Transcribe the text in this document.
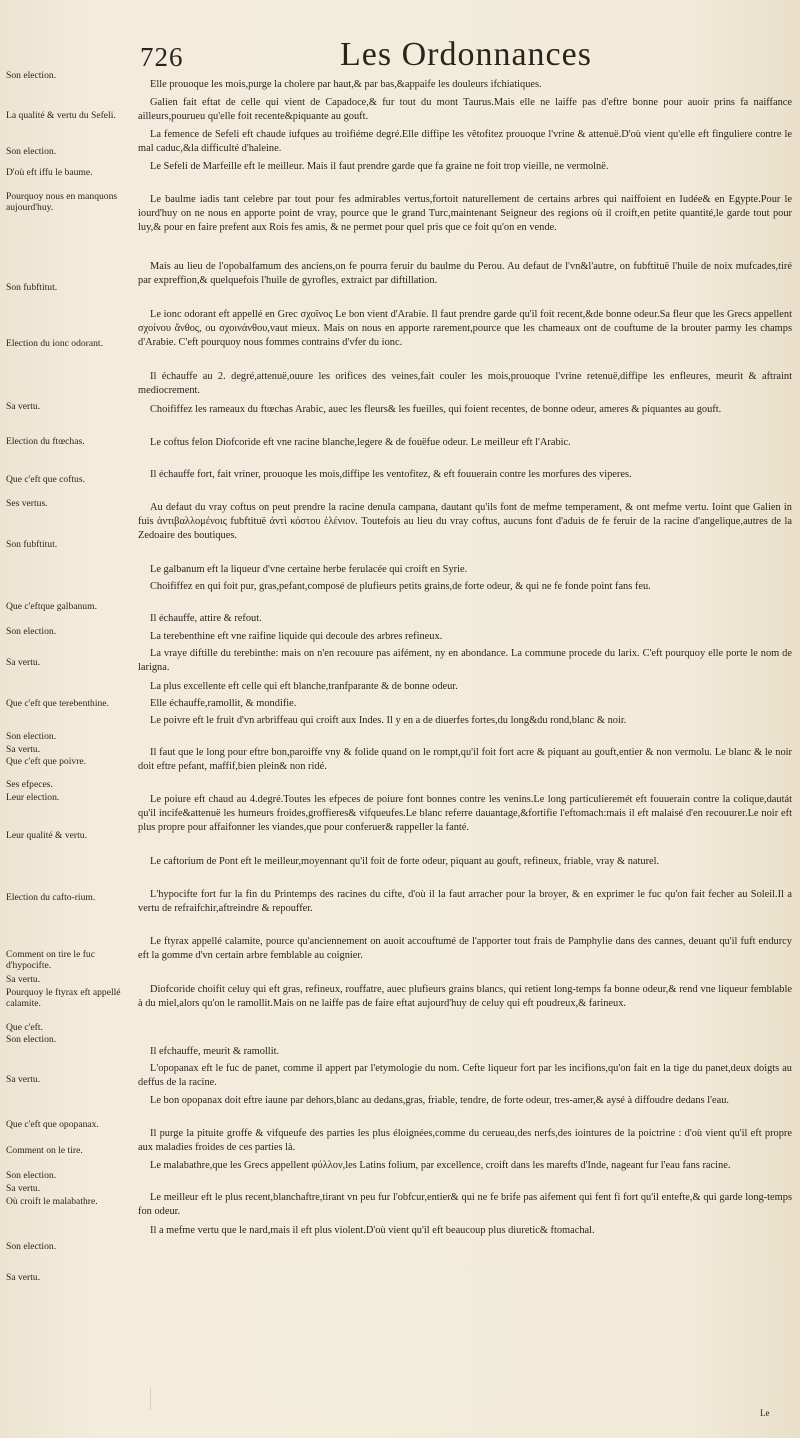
726	Les Ordonnances
Son election.
La qualité & vertu du Sefeli.
Son election.
D'où eft iffu le baume.
Pourquoy nous en manquons aujourd'huy.
Son fubftitut.
Election du ionc odorant.
Sa vertu.
Election du ftœchas.
Que c'eft que coftus.
Ses vertus.
Son fubftitut.
Que c'eftque galbanum.
Son election.
Sa vertu.
Que c'eft que terebenthine.
Son election.
Sa vertu.
Que c'eft que poivre.
Ses efpeces.
Leur election.
Leur qualité & vertu.
Election du cafto-rium.
Comment on tire le fuc d'hypocifte.
Sa vertu.
Pourquoy le ftyrax eft appellé calamite.
Que c'eft.
Son election.
Sa vertu.
Que c'eft que opopanax.
Comment on le tire.
Son election.
Sa vertu.
Où croift le malabathre.
Son election.
Sa vertu.

Elle prouoque les mois,purge la cholere par haut,& par bas,&appaife les douleurs ifchiatiques.

Galien fait eftat de celle qui vient de Capadoce,& fur tout du mont Taurus.Mais elle ne laiffe pas d'eftre bonne pour auoir prins fa naiffance ailleurs,pourueu qu'elle foit recente&piquante au gouft.

La femence de Sefeli eft chaude iufques au troifiéme degré.Elle diffipe les vêtofitez prouoque l'vrine & attenuë.D'où vient qu'elle eft finguliere contre le mal caduc,&la difficulté d'haleine.

Le Sefeli de Marfeille eft le meilleur. Mais il faut prendre garde que fa graine ne foit trop vieille, ne vermolnë.

Le baulme iadis tant celebre par tout pour fes admirables vertus,fortoit naturellement de certains arbres qui naiffoient en Iudée& en Egypte.Pour le iourd'huy on ne nous en apporte point de vray, pource que le grand Turc,maintenant Seigneur des regions où il croift,en petite quantité,le garde tout pour luy,& pour en faire prefent aux Rois fes amis, & ne permet pour quel pris que ce foit qu'on en vende.

Mais au lieu de l'opobalfamum des anciens,on fe pourra feruir du baulme du Perou. Au defaut de l'vn&l'autre, on fubftituë l'huile de noix mufcades,tiré par expreffion,& quelquefois l'huile de gyrofles, extraict par diftillation.

Le ionc odorant eft appellé en Grec σχοῖνος Le bon vient d'Arabie. Il faut prendre garde qu'il foit recent,&de bonne odeur.Sa fleur que les Grecs appellent σχοίνου ἄνθος, ou σχοινάνθου,vaut mieux. Mais on nous en apporte rarement,pource que les chameaux ont de couftume de la brouter parmy les champs d'Arabie. C'eft pourquoy nous fommes contrains d'vfer du ionc.

Il échauffe au 2. degré,attenuë,ouure les orifices des veines,fait couler les mois,prouoque l'vrine retenuë,diffipe les enfleures, meurit & aftraint mediocrement.

Choififfez les rameaux du ftœchas Arabic, auec les fleurs& les fueilles, qui foient recentes, de bonne odeur, ameres & piquantes au gouft.

Le coftus felon Diofcoride eft vne racine blanche,legere & de fouëfue odeur. Le meilleur eft l'Arabic.

Il échauffe fort, fait vriner, prouoque les mois,diffipe les ventofitez, & eft fouuerain contre les morfures des viperes.

Au defaut du vray coftus on peut prendre la racine denula campana, dautant qu'ils font de mefme temperament, & ont mefme vertu. Ioint que Galien in fuis ἀντιβαλλομένοις fubftituë ἀντὶ κόστου ἑλένιον. Toutefois au lieu du vray coftus, aucuns font d'aduis de fe feruir de la racine d'angelique,autres de la Zedoaire des boutiques.

Le galbanum eft la liqueur d'vne certaine herbe ferulacée qui croift en Syrie.

Choififfez en qui foit pur, gras,pefant,composé de plufieurs petits grains,de forte odeur, & qui ne fe fonde point fans feu.

Il échauffe, attire & refout.

La terebenthine eft vne raifine liquide qui decoule des arbres refineux.

La vraye diftille du terebinthe: mais on n'en recouure pas aifément, ny en abondance. La commune procede du larix. C'eft pourquoy elle porte le nom de larigna.

La plus excellente eft celle qui eft blanche,tranfparante & de bonne odeur.

Elle échauffe,ramollit, & mondifie.

Le poivre eft le fruit d'vn arbriffeau qui croift aux Indes. Il y en a de diuerfes fortes,du long&du rond,blanc & noir.

Il faut que le long pour eftre bon,paroiffe vny & folide quand on le rompt,qu'il foit fort acre & piquant au gouft,entier & non vermolu. Le blanc & le noir doit eftre pefant, maffif,bien plein& non ridé.

Le poiure eft chaud au 4.degré.Toutes les efpeces de poiure font bonnes contre les venins.Le long particulieremét eft fouuerain contre la colique,dautát qu'il incife&attenuë les humeurs froides,groffieres& vifqueufes.Le blanc referre dauantage,&fortifie l'eftomach:mais il eft malaisé d'en recouurer.Le noir eft plus propre pour affaifonner les viandes,que pour conferuer& rappeller la fanté.

Le caftorium de Pont eft le meilleur,moyennant qu'il foit de forte odeur, piquant au gouft, refineux, friable, vray & naturel.

L'hypocifte fort fur la fin du Printemps des racines du cifte, d'où il la faut arracher pour la broyer, & en exprimer le fuc qu'on fait fecher au Soleil.Il a vertu de refraifchir,aftreindre & repouffer.

Le ftyrax appellé calamite, pource qu'anciennement on auoit accouftumé de l'apporter tout frais de Pamphylie dans des cannes, deuant qu'il fuft endurcy eft la gomme d'vn certain arbre femblable au coignier.

Diofcoride choifit celuy qui eft gras, refineux, rouffatre, auec plufieurs grains blancs, qui retient long-temps fa bonne odeur,& rend vne liqueur femblable à du miel,alors qu'on le ramollit.Mais on ne laiffe pas de faire eftat aujourd'huy de celuy qui eft poudreux,& farineux.

Il efchauffe, meurit & ramollit.

L'opopanax eft le fuc de panet, comme il appert par l'etymologie du nom. Cefte liqueur fort par les incifions,qu'on fait en la tige du panet,deux doigts au deffus de la racine.

Le bon opopanax doit eftre iaune par dehors,blanc au dedans,gras, friable, tendre, de forte odeur, tres-amer,& aysé à diffoudre dedans l'eau.

Il purge la pituite groffe & vifqueufe des parties les plus éloignées,comme du cerueau,des nerfs,des iointures de la poictrine : d'où vient qu'il eft propre aux maladies froides de ces parties là.

Le malabathre,que les Grecs appellent φύλλον,les Latins folium, par excellence, croift dans les marefts d'Inde, nageant fur l'eau fans racine.

Le meilleur eft le plus recent,blanchaftre,tirant vn peu fur l'obfcur,entier& qui ne fe brife pas aifement qui fent fi fort qu'il entefte,& qui garde long-temps fon odeur.

Il a mefme vertu que le nard,mais il eft plus violent.D'où vient qu'il eft beaucoup plus diuretic& ftomachal.

Le
